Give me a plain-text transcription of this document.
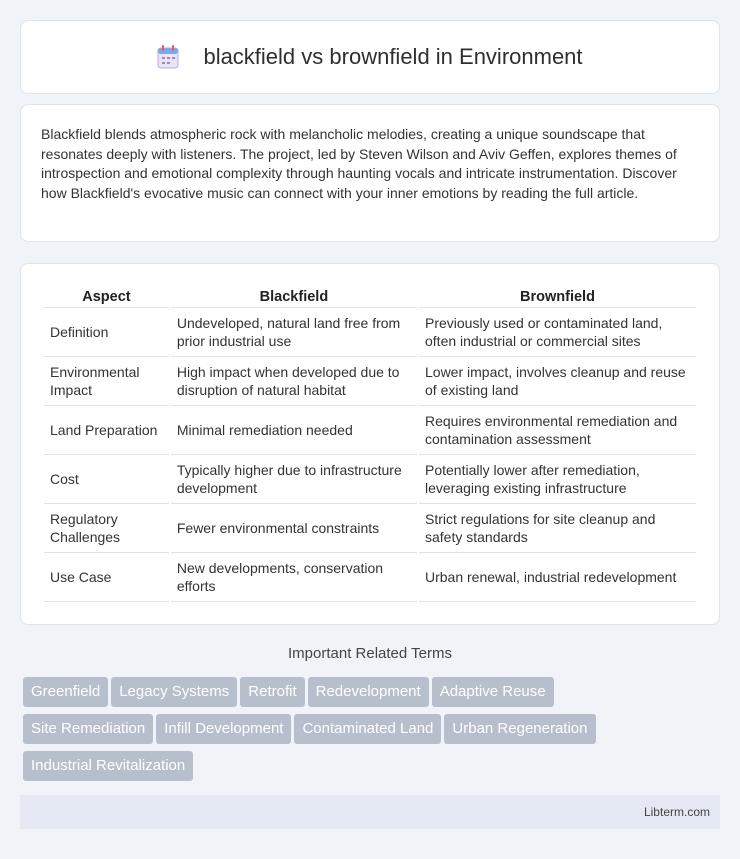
blackfield vs brownfield in Environment

Blackfield blends atmospheric rock with melancholic melodies, creating a unique soundscape that resonates deeply with listeners. The project, led by Steven Wilson and Aviv Geffen, explores themes of introspection and emotional complexity through haunting vocals and intricate instrumentation. Discover how Blackfield's evocative music can connect with your inner emotions by reading the full article.

Aspect	Blackfield	Brownfield
Definition	Undeveloped, natural land free from prior industrial use	Previously used or contaminated land, often industrial or commercial sites
Environmental Impact	High impact when developed due to disruption of natural habitat	Lower impact, involves cleanup and reuse of existing land
Land Preparation	Minimal remediation needed	Requires environmental remediation and contamination assessment
Cost	Typically higher due to infrastructure development	Potentially lower after remediation, leveraging existing infrastructure
Regulatory Challenges	Fewer environmental constraints	Strict regulations for site cleanup and safety standards
Use Case	New developments, conservation efforts	Urban renewal, industrial redevelopment
Important Related Terms
Greenfield Legacy Systems Retrofit Redevelopment Adaptive Reuse
Site Remediation Infill Development Contaminated Land Urban Regeneration
Industrial Revitalization
Libterm.com
